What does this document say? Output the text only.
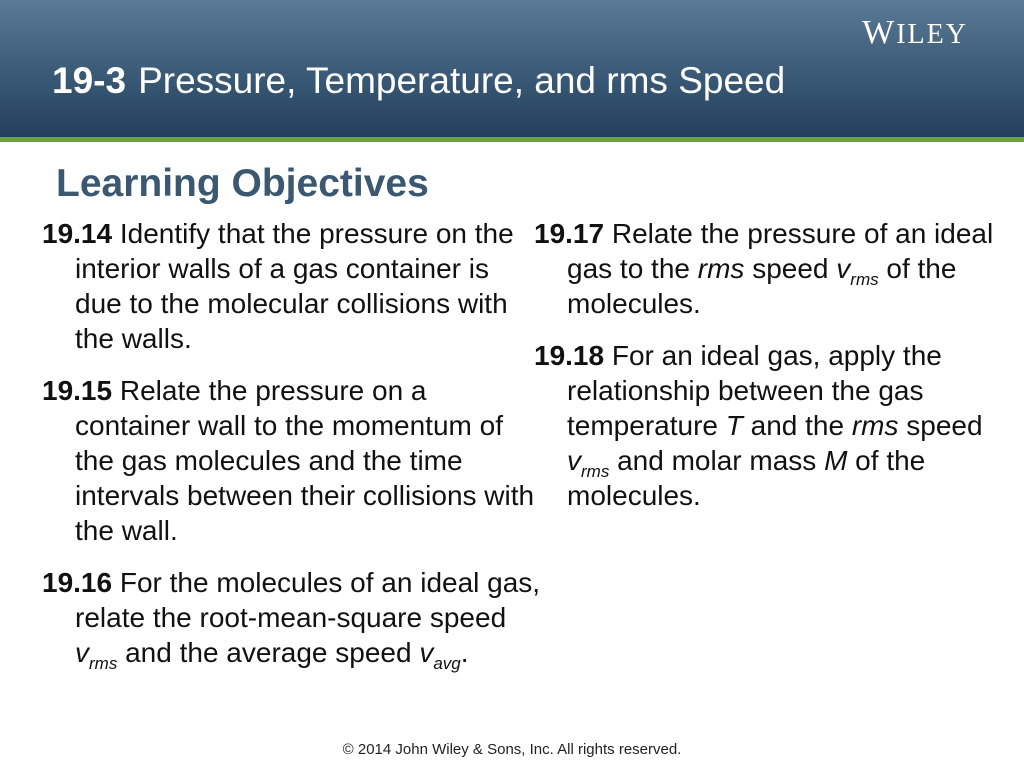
WILEY
19-3 Pressure, Temperature, and rms Speed
Learning Objectives

19.14 Identify that the pressure on the interior walls of a gas container is due to the molecular collisions with the walls.

19.15 Relate the pressure on a container wall to the momentum of the gas molecules and the time intervals between their collisions with the wall.

19.16 For the molecules of an ideal gas, relate the root-mean-square speed $v_{rms}$ and the average speed $v_{avg}$.

19.17 Relate the pressure of an ideal gas to the rms speed $v_{rms}$ of the molecules.

19.18 For an ideal gas, apply the relationship between the gas temperature T and the rms speed $v_{rms}$ and molar mass M of the molecules.

© 2014 John Wiley & Sons, Inc. All rights reserved.
